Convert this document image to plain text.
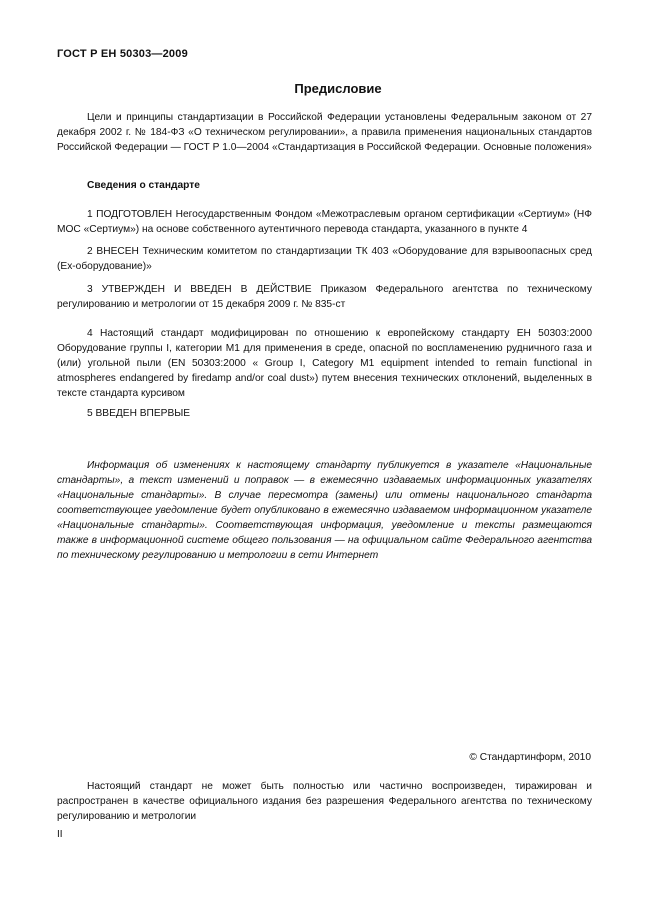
ГОСТ Р ЕН 50303—2009
Предисловие
Цели и принципы стандартизации в Российской Федерации установлены Федеральным законом от 27 декабря 2002 г. № 184-ФЗ «О техническом регулировании», а правила применения национальных стандартов Российской Федерации — ГОСТ Р 1.0—2004 «Стандартизация в Российской Федерации. Основные положения»
Сведения о стандарте
1 ПОДГОТОВЛЕН Негосударственным Фондом «Межотраслевым органом сертификации «Сертиум» (НФ МОС «Сертиум») на основе собственного аутентичного перевода стандарта, указанного в пункте 4
2 ВНЕСЕН Техническим комитетом по стандартизации ТК 403 «Оборудование для взрывоопасных сред (Ех-оборудование)»
3 УТВЕРЖДЕН И ВВЕДЕН В ДЕЙСТВИЕ Приказом Федерального агентства по техническому регулированию и метрологии от 15 декабря 2009 г. № 835-ст
4 Настоящий стандарт модифицирован по отношению к европейскому стандарту ЕН 50303:2000 Оборудование группы I, категории М1 для применения в среде, опасной по воспламенению рудничного газа и (или) угольной пыли (EN 50303:2000 « Group I, Category M1 equipment intended to remain functional in atmospheres endangered by firedamp and/or coal dust») путем внесения технических отклонений, выделенных в тексте стандарта курсивом
5 ВВЕДЕН ВПЕРВЫЕ
Информация об изменениях к настоящему стандарту публикуется в указателе «Национальные стандарты», а текст изменений и поправок — в ежемесячно издаваемых информационных указателях «Национальные стандарты». В случае пересмотра (замены) или отмены национального стандарта соответствующее уведомление будет опубликовано в ежемесячно издаваемом информационном указателе «Национальные стандарты». Соответствующая информация, уведомление и тексты размещаются также в информационной системе общего пользования — на официальном сайте Федерального агентства по техническому регулированию и метрологии в сети Интернет
© Стандартинформ, 2010
Настоящий стандарт не может быть полностью или частично воспроизведен, тиражирован и распространен в качестве официального издания без разрешения Федерального агентства по техническому регулированию и метрологии
II
